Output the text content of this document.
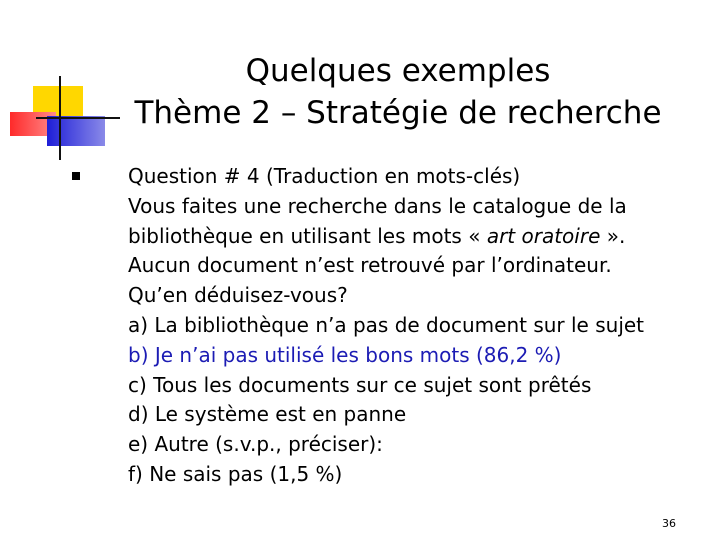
Quelques exemples
Thème 2 – Stratégie de recherche
Question # 4 (Traduction en mots-clés)
Vous faites une recherche dans le catalogue de la
bibliothèque en utilisant les mots « art oratoire ».
Aucun document n’est retrouvé par l’ordinateur.
Qu’en déduisez-vous?
a) La bibliothèque n’a pas de document sur le sujet
b) Je n’ai pas utilisé les bons mots (86,2 %)
c) Tous les documents sur ce sujet sont prêtés
d) Le système est en panne
e) Autre (s.v.p., préciser):
f) Ne sais pas (1,5 %)
36
